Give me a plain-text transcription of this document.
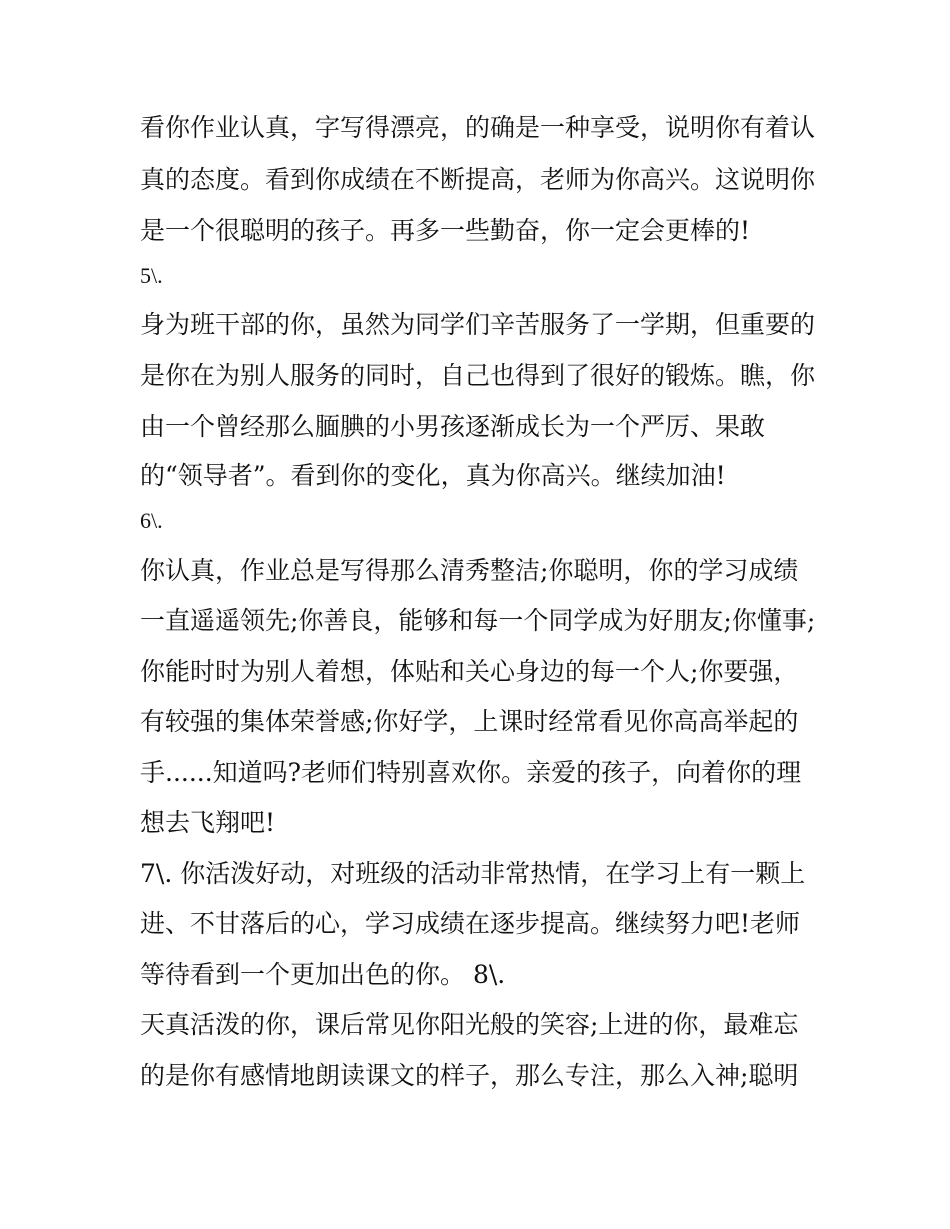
看你作业认真，字写得漂亮，的确是一种享受，说明你有着认

真的态度。看到你成绩在不断提高，老师为你高兴。这说明你

是一个很聪明的孩子。再多一些勤奋，你一定会更棒的!

5\.

身为班干部的你，虽然为同学们辛苦服务了一学期，但重要的

是你在为别人服务的同时，自己也得到了很好的锻炼。瞧，你

由一个曾经那么腼腆的小男孩逐渐成长为一个严厉、果敢

的“领导者”。看到你的变化，真为你高兴。继续加油!

6\.

你认真，作业总是写得那么清秀整洁;你聪明，你的学习成绩

一直遥遥领先;你善良，能够和每一个同学成为好朋友;你懂事;

你能时时为别人着想，体贴和关心身边的每一个人;你要强，

有较强的集体荣誉感;你好学，上课时经常看见你高高举起的

手......知道吗?老师们特别喜欢你。亲爱的孩子，向着你的理

想去飞翔吧!

7\. 你活泼好动，对班级的活动非常热情，在学习上有一颗上

进、不甘落后的心，学习成绩在逐步提高。继续努力吧!老师

等待看到一个更加出色的你。 8\.

天真活泼的你，课后常见你阳光般的笑容;上进的你，最难忘

的是你有感情地朗读课文的样子，那么专注，那么入神;聪明
